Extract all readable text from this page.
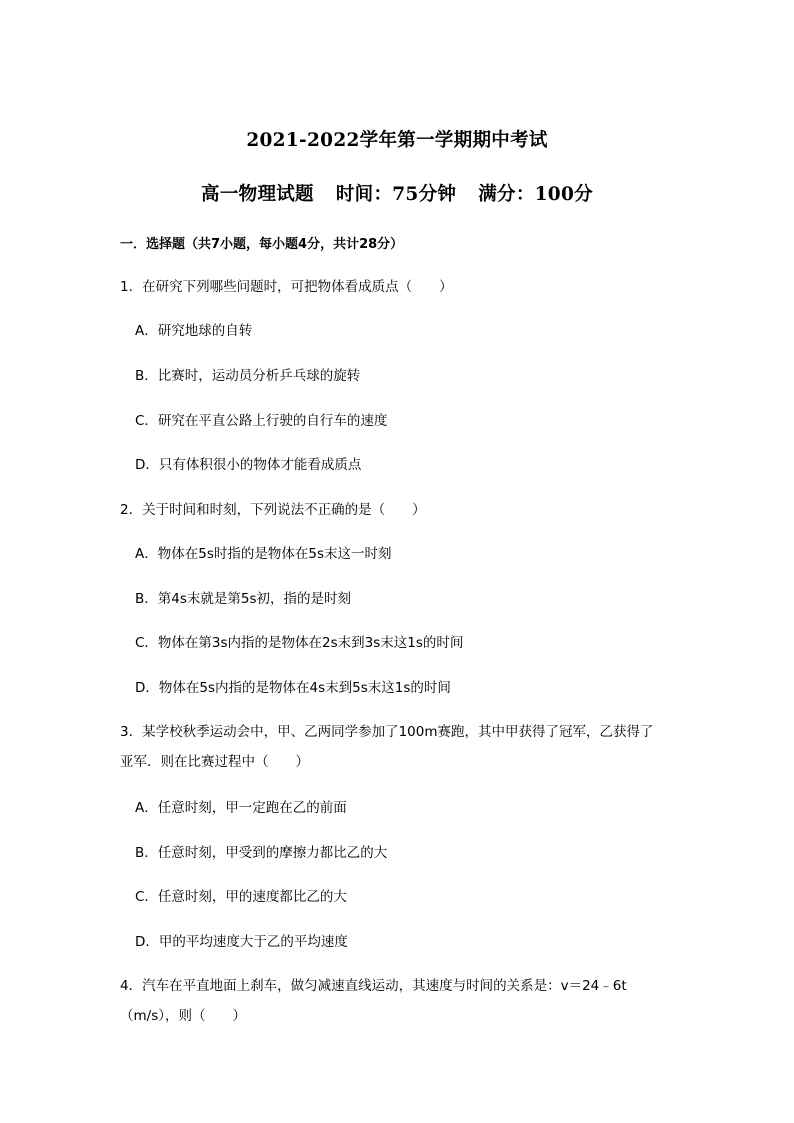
2021-2022学年第一学期期中考试
高一物理试题 时间：75分钟 满分：100分
一．选择题（共7小题，每小题4分，共计28分）
1．在研究下列哪些问题时，可把物体看成质点（　　）
A．研究地球的自转
B．比赛时，运动员分析乒乓球的旋转
C．研究在平直公路上行驶的自行车的速度
D．只有体积很小的物体才能看成质点
2．关于时间和时刻，下列说法不正确的是（　　）
A．物体在5s时指的是物体在5s末这一时刻
B．第4s末就是第5s初，指的是时刻
C．物体在第3s内指的是物体在2s末到3s末这1s的时间
D．物体在5s内指的是物体在4s末到5s末这1s的时间
3．某学校秋季运动会中，甲、乙两同学参加了100m赛跑，其中甲获得了冠军，乙获得了
亚军．则在比赛过程中（　　）
A．任意时刻，甲一定跑在乙的前面
B．任意时刻，甲受到的摩擦力都比乙的大
C．任意时刻，甲的速度都比乙的大
D．甲的平均速度大于乙的平均速度
4．汽车在平直地面上刹车，做匀减速直线运动，其速度与时间的关系是：v＝24﹣6t
（m/s），则（　　）
